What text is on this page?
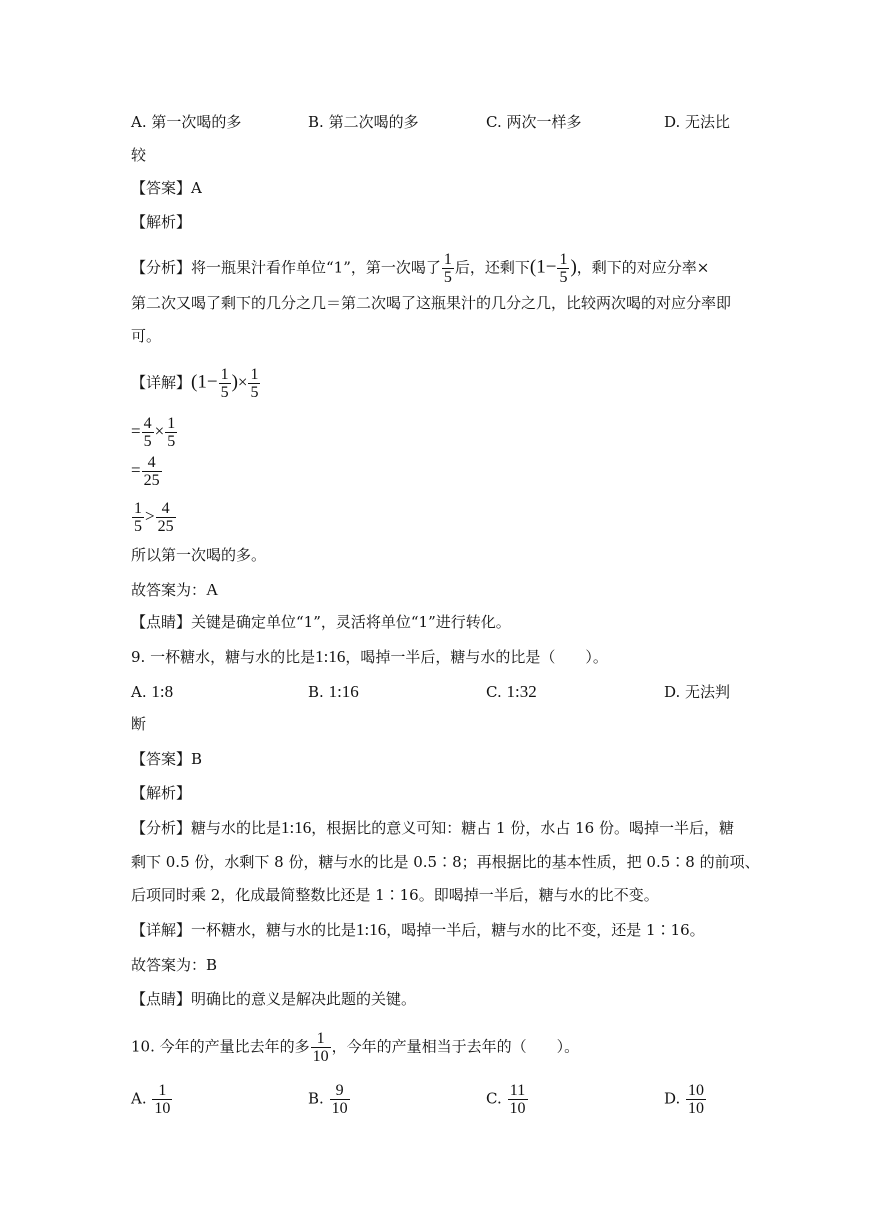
A. 第一次喝的多	B. 第二次喝的多	C. 两次一样多	D. 无法比
较
【答案】A
【解析】
【分析】将一瓶果汁看作单位“1”，第一次喝了 $\frac{1}{5}$ 后，还剩下($1- \frac{1}{5}$ )，剩下的对应分率×
第二次又喝了剩下的几分之几＝第二次喝了这瓶果汁的几分之几，比较两次喝的对应分率即
可。
【详解】($1- \frac{1}{5}$ )× $\frac{1}{5}$
= $\frac{4}{5} \times \frac{1}{5}$
= $\frac{4}{25}$
$\frac{1}{5} > \frac{4}{25}$
所以第一次喝的多。
故答案为：A
【点睛】关键是确定单位“1”，灵活将单位“1”进行转化。
9. 一杯糖水，糖与水的比是1:16，喝掉一半后，糖与水的比是（　　）。
A. 1:8	B. 1:16	C. 1:32	D. 无法判
断
【答案】B
【解析】
【分析】糖与水的比是1:16，根据比的意义可知：糖占 1 份，水占 16 份。喝掉一半后，糖
剩下 0.5 份，水剩下 8 份，糖与水的比是 0.5∶8；再根据比的基本性质，把 0.5∶8 的前项、
后项同时乘 2，化成最简整数比还是 1∶16。即喝掉一半后，糖与水的比不变。
【详解】一杯糖水，糖与水的比是1:16，喝掉一半后，糖与水的比不变，还是 1∶16。
故答案为：B
【点睛】明确比的意义是解决此题的关键。
10. 今年的产量比去年的多 $\frac{1}{10}$ ，今年的产量相当于去年的（　　）。
A. $\frac{1}{10}$	B. $\frac{9}{10}$	C. $\frac{11}{10}$	D. $\frac{10}{10}$
